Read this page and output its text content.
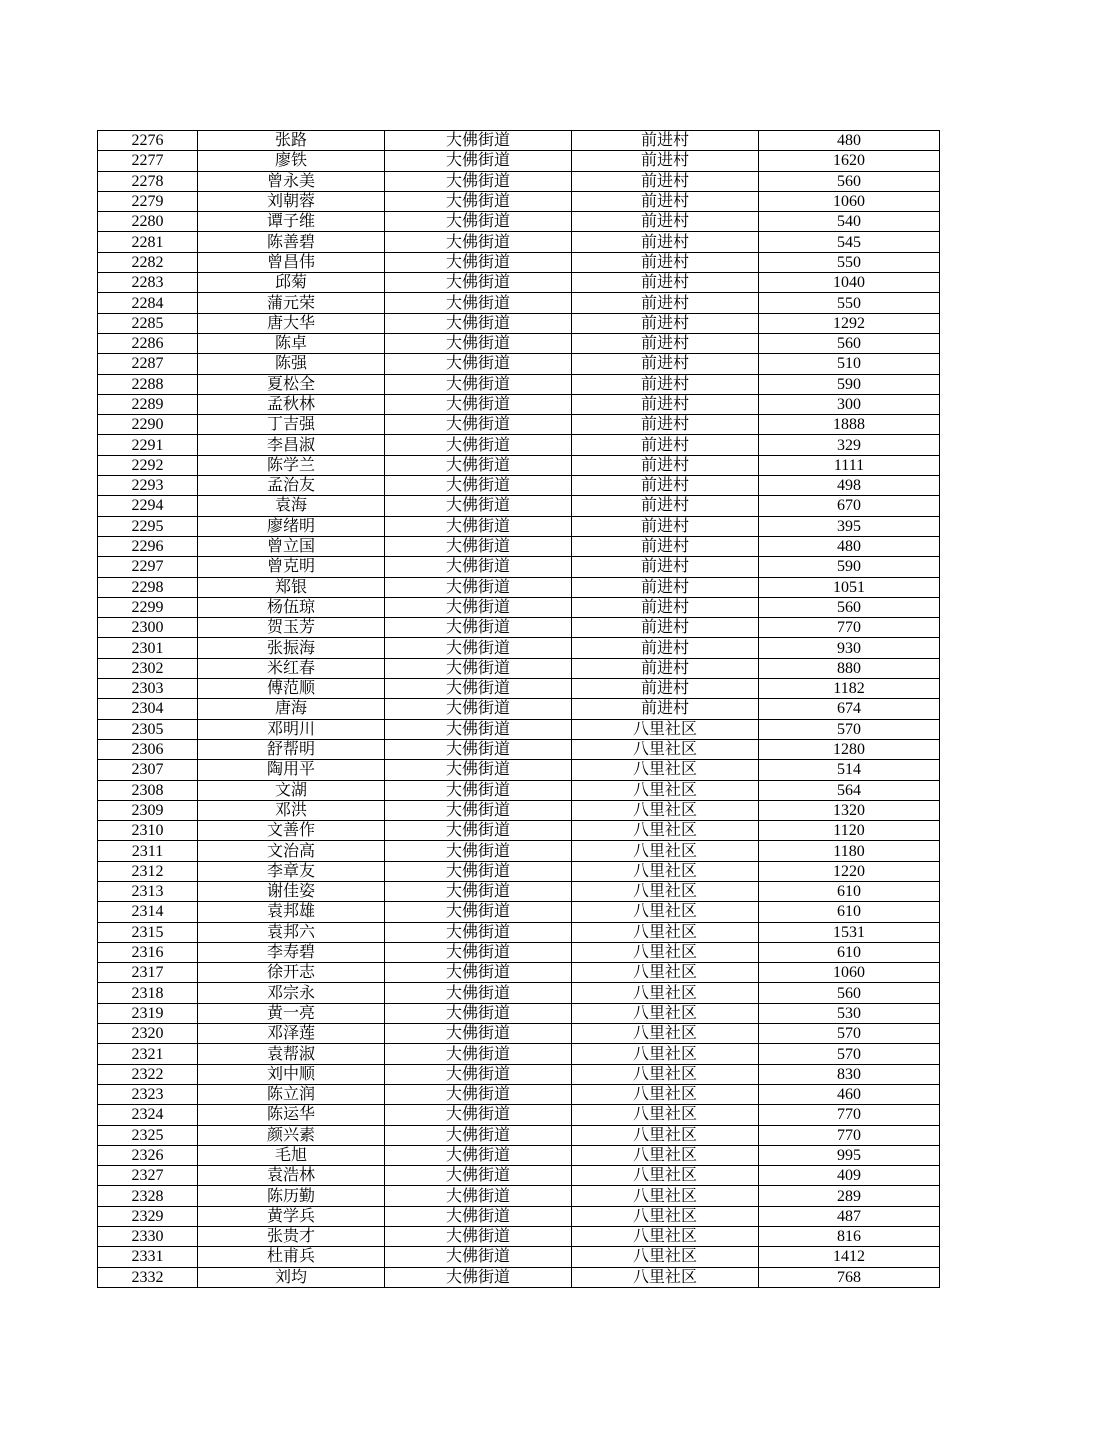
2276	张路	大佛街道	前进村	480
2277	廖铁	大佛街道	前进村	1620
2278	曾永美	大佛街道	前进村	560
2279	刘朝蓉	大佛街道	前进村	1060
2280	谭子维	大佛街道	前进村	540
2281	陈善碧	大佛街道	前进村	545
2282	曾昌伟	大佛街道	前进村	550
2283	邱菊	大佛街道	前进村	1040
2284	蒲元荣	大佛街道	前进村	550
2285	唐大华	大佛街道	前进村	1292
2286	陈卓	大佛街道	前进村	560
2287	陈强	大佛街道	前进村	510
2288	夏松全	大佛街道	前进村	590
2289	孟秋林	大佛街道	前进村	300
2290	丁吉强	大佛街道	前进村	1888
2291	李昌淑	大佛街道	前进村	329
2292	陈学兰	大佛街道	前进村	1111
2293	孟治友	大佛街道	前进村	498
2294	袁海	大佛街道	前进村	670
2295	廖绪明	大佛街道	前进村	395
2296	曾立国	大佛街道	前进村	480
2297	曾克明	大佛街道	前进村	590
2298	郑银	大佛街道	前进村	1051
2299	杨伍琼	大佛街道	前进村	560
2300	贺玉芳	大佛街道	前进村	770
2301	张振海	大佛街道	前进村	930
2302	米红春	大佛街道	前进村	880
2303	傅范顺	大佛街道	前进村	1182
2304	唐海	大佛街道	前进村	674
2305	邓明川	大佛街道	八里社区	570
2306	舒帮明	大佛街道	八里社区	1280
2307	陶用平	大佛街道	八里社区	514
2308	文湖	大佛街道	八里社区	564
2309	邓洪	大佛街道	八里社区	1320
2310	文善作	大佛街道	八里社区	1120
2311	文治高	大佛街道	八里社区	1180
2312	李章友	大佛街道	八里社区	1220
2313	谢佳姿	大佛街道	八里社区	610
2314	袁邦雄	大佛街道	八里社区	610
2315	袁邦六	大佛街道	八里社区	1531
2316	李寿碧	大佛街道	八里社区	610
2317	徐开志	大佛街道	八里社区	1060
2318	邓宗永	大佛街道	八里社区	560
2319	黄一亮	大佛街道	八里社区	530
2320	邓泽莲	大佛街道	八里社区	570
2321	袁帮淑	大佛街道	八里社区	570
2322	刘中顺	大佛街道	八里社区	830
2323	陈立润	大佛街道	八里社区	460
2324	陈运华	大佛街道	八里社区	770
2325	颜兴素	大佛街道	八里社区	770
2326	毛旭	大佛街道	八里社区	995
2327	袁浩林	大佛街道	八里社区	409
2328	陈历勤	大佛街道	八里社区	289
2329	黄学兵	大佛街道	八里社区	487
2330	张贵才	大佛街道	八里社区	816
2331	杜甫兵	大佛街道	八里社区	1412
2332	刘均	大佛街道	八里社区	768
